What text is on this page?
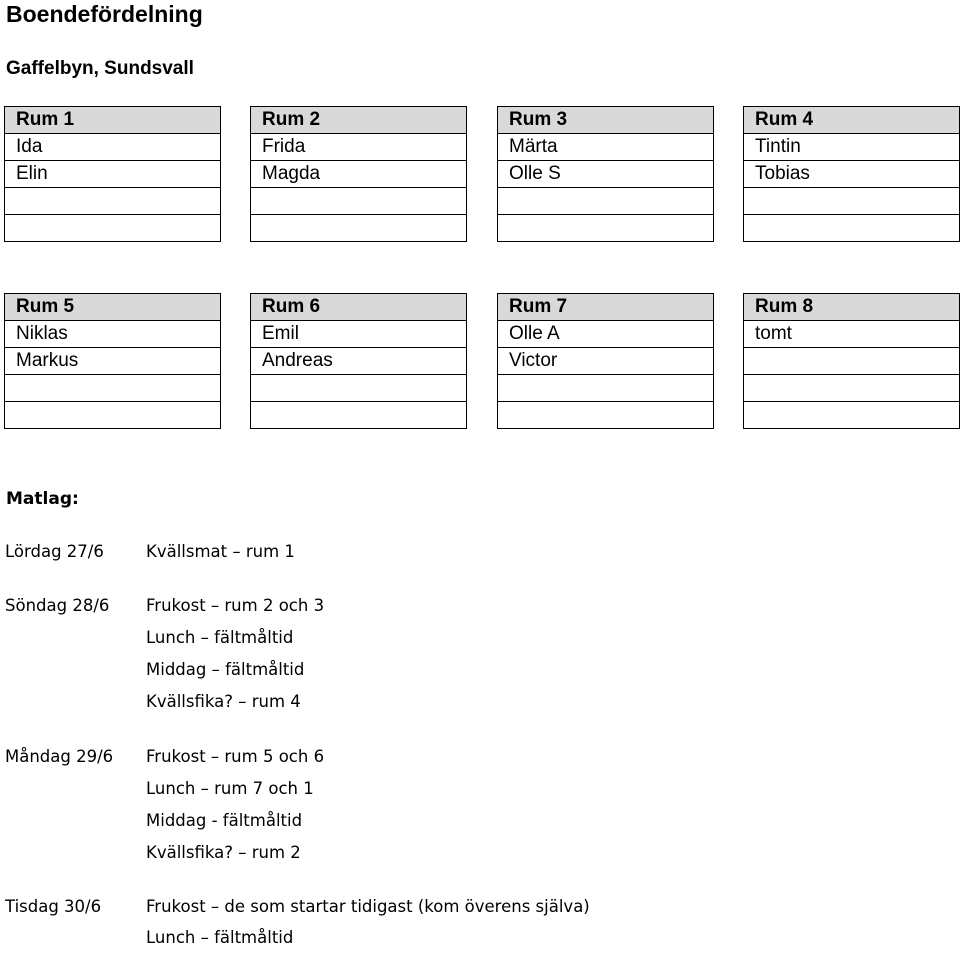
Boendefördelning
Gaffelbyn, Sundsvall
Rum 1
Ida
Elin
Rum 2
Frida
Magda
Rum 3
Märta
Olle S
Rum 4
Tintin
Tobias
Rum 5
Niklas
Markus
Rum 6
Emil
Andreas
Rum 7
Olle A
Victor
Rum 8
tomt
Matlag:
Lördag 27/6	Kvällsmat – rum 1
Söndag 28/6 Frukost – rum 2 och 3
Lunch – fältmåltid
Middag – fältmåltid
Kvällsfika? – rum 4
Måndag 29/6 Frukost – rum 5 och 6
Lunch – rum 7 och 1
Middag - fältmåltid
Kvällsfika? – rum 2
Tisdag 30/6	Frukost – de som startar tidigast (kom överens själva)
Lunch – fältmåltid
